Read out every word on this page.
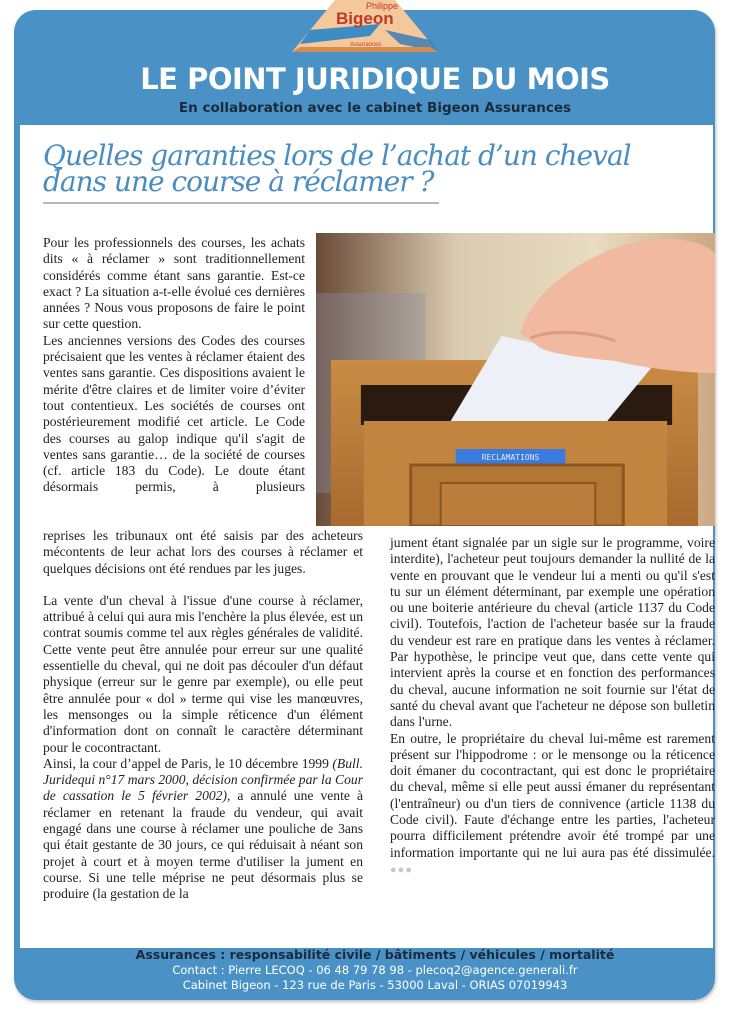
Philippe
Bigeon
Assurances
LE POINT JURIDIQUE DU MOIS
En collaboration avec le cabinet Bigeon Assurances
Quelles garanties lors de l’achat d’un cheval
dans une course à réclamer ?

Pour les professionnels des courses, les achats dits « à réclamer » sont traditionnellement considérés comme étant sans garantie. Est-ce exact ? La situation a-t-elle évolué ces dernières années ? Nous vous proposons de faire le point sur cette question.

Les anciennes versions des Codes des courses précisaient que les ventes à réclamer étaient des ventes sans garantie. Ces dispositions avaient le mérite d'être claires et de limiter voire d’éviter tout contentieux. Les sociétés de courses ont postérieurement modifié cet article. Le Code des courses au galop indique qu'il s'agit de ventes sans garantie… de la société de courses (cf. article 183 du Code). Le doute étant désormais permis, à plusieurs

RECLAMATIONS

reprises les tribunaux ont été saisis par des acheteurs mécontents de leur achat lors des courses à réclamer et quelques décisions ont été rendues par les juges.

La vente d'un cheval à l'issue d'une course à réclamer, attribué à celui qui aura mis l'enchère la plus élevée, est un contrat soumis comme tel aux règles générales de validité. Cette vente peut être annulée pour erreur sur une qualité essentielle du cheval, qui ne doit pas découler d'un défaut physique (erreur sur le genre par exemple), ou elle peut être annulée pour « dol » terme qui vise les manœuvres, les mensonges ou la simple réticence d'un élément d'information dont on connaît le caractère déterminant pour le cocontractant.

Ainsi, la cour d’appel de Paris, le 10 décembre 1999 (Bull. Juridequi n°17 mars 2000, décision confirmée par la Cour de cassation le 5 février 2002), a annulé une vente à réclamer en retenant la fraude du vendeur, qui avait engagé dans une course à réclamer une pouliche de 3ans qui était gestante de 30 jours, ce qui réduisait à néant son projet à court et à moyen terme d'utiliser la jument en course. Si une telle méprise ne peut désormais plus se produire (la gestation de la

jument étant signalée par un sigle sur le programme, voire interdite), l'acheteur peut toujours demander la nullité de la vente en prouvant que le vendeur lui a menti ou qu'il s'est tu sur un élément déterminant, par exemple une opération ou une boiterie antérieure du cheval (article 1137 du Code civil). Toutefois, l'action de l'acheteur basée sur la fraude du vendeur est rare en pratique dans les ventes à réclamer. Par hypothèse, le principe veut que, dans cette vente qui intervient après la course et en fonction des performances du cheval, aucune information ne soit fournie sur l'état de santé du cheval avant que l'acheteur ne dépose son bulletin dans l'urne.

En outre, le propriétaire du cheval lui-même est rarement présent sur l'hippodrome : or le mensonge ou la réticence doit émaner du cocontractant, qui est donc le propriétaire du cheval, même si elle peut aussi émaner du représentant (l'entraîneur) ou d'un tiers de connivence (article 1138 du Code civil). Faute d'échange entre les parties, l'acheteur pourra difficilement prétendre avoir été trompé par une information importante qui ne lui aura pas été dissimulée. ●●●

Assurances : responsabilité civile / bâtiments / véhicules / mortalité
Contact : Pierre LECOQ - 06 48 79 78 98 - plecoq2@agence.generali.fr
Cabinet Bigeon - 123 rue de Paris - 53000 Laval - ORIAS 07019943
